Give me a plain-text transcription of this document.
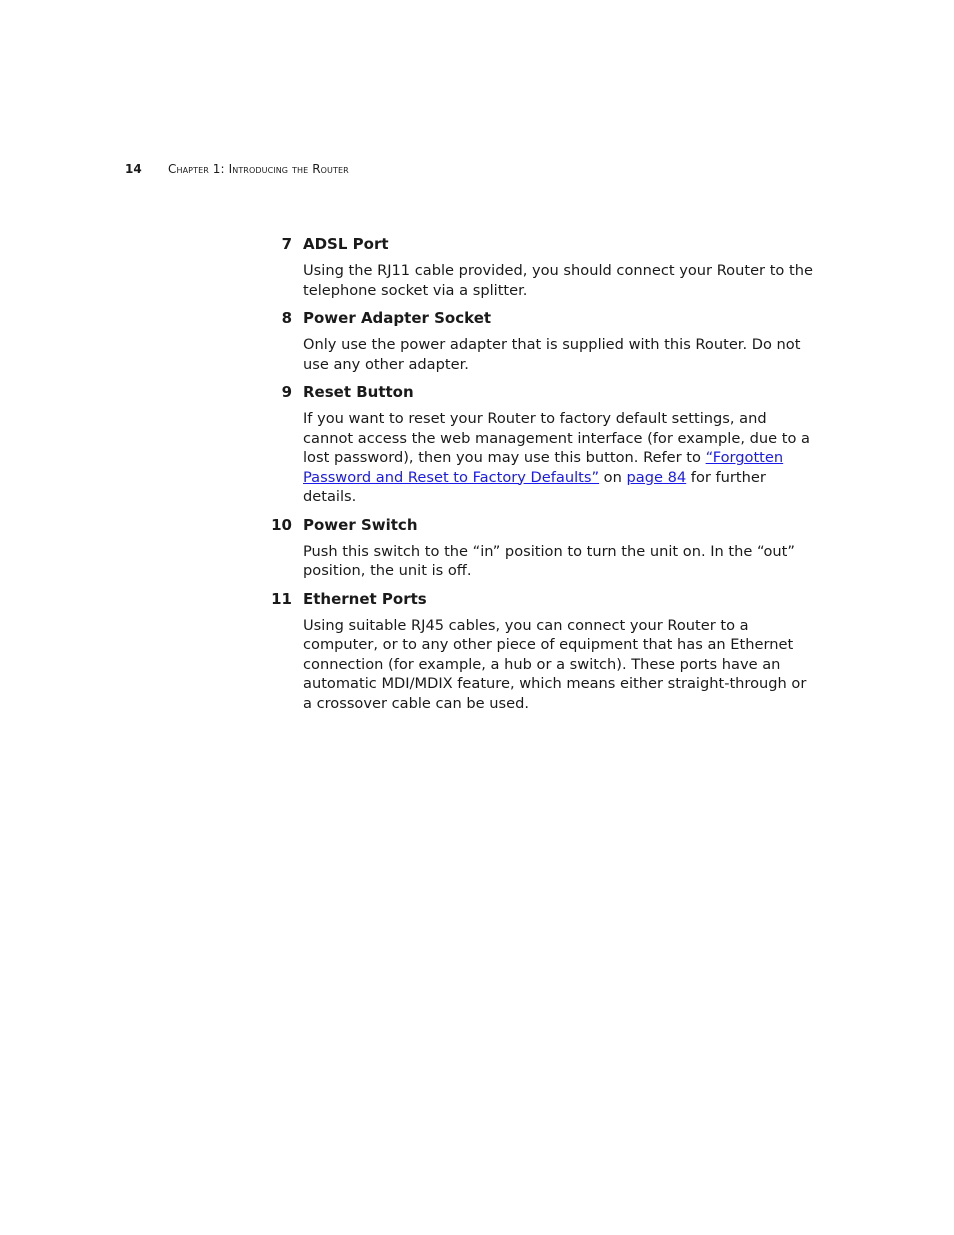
14 Chapter 1: Introducing the Router
7 ADSL Port
Using the RJ11 cable provided, you should connect your Router to the telephone socket via a splitter.
8 Power Adapter Socket
Only use the power adapter that is supplied with this Router. Do not use any other adapter.
9 Reset Button
If you want to reset your Router to factory default settings, and cannot access the web management interface (for example, due to a lost password), then you may use this button. Refer to “Forgotten Password and Reset to Factory Defaults” on page 84 for further details.
10 Power Switch
Push this switch to the “in” position to turn the unit on. In the “out” position, the unit is off.
11 Ethernet Ports
Using suitable RJ45 cables, you can connect your Router to a computer, or to any other piece of equipment that has an Ethernet connection (for example, a hub or a switch). These ports have an automatic MDI/MDIX feature, which means either straight-through or a crossover cable can be used.
